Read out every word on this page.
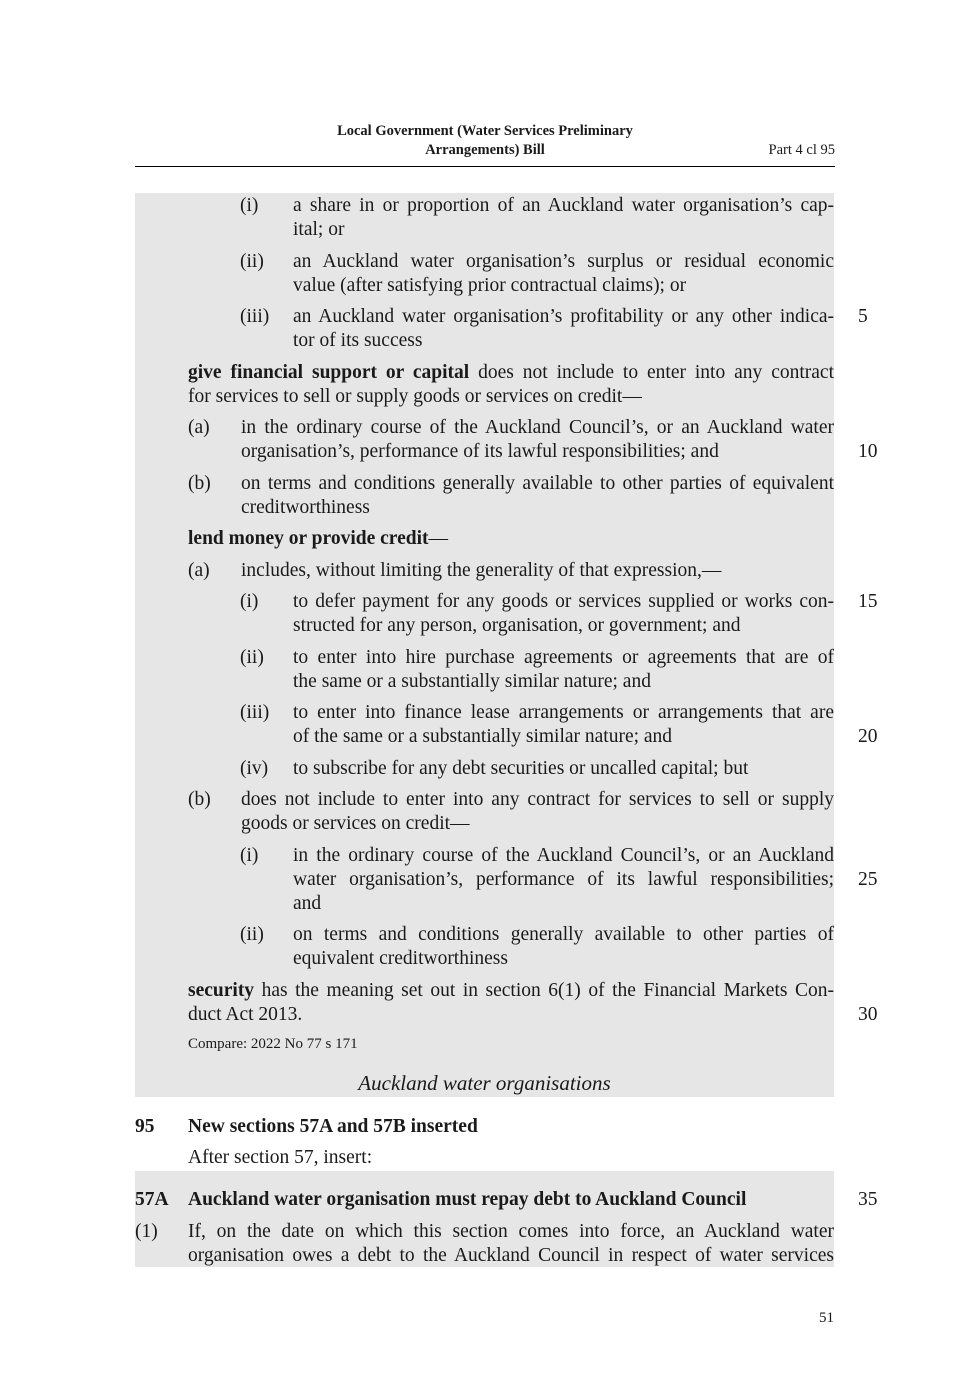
Local Government (Water Services Preliminary
Arrangements) Bill	Part 4 cl 95
(i) a share in or proportion of an Auckland water organisation’s cap-
ital; or
(ii) an Auckland water organisation’s surplus or residual economic
value (after satisfying prior contractual claims); or
(iii) an Auckland water organisation’s profitability or any other indica-
tor of its success
give financial support or capital does not include to enter into any contract
for services to sell or supply goods or services on credit—
(a) in the ordinary course of the Auckland Council’s, or an Auckland water
organisation’s, performance of its lawful responsibilities; and
(b) on terms and conditions generally available to other parties of equivalent
creditworthiness
lend money or provide credit—
(a) includes, without limiting the generality of that expression,—
(i) to defer payment for any goods or services supplied or works con-
structed for any person, organisation, or government; and
(ii) to enter into hire purchase agreements or agreements that are of
the same or a substantially similar nature; and
(iii) to enter into finance lease arrangements or arrangements that are
of the same or a substantially similar nature; and
(iv) to subscribe for any debt securities or uncalled capital; but
(b) does not include to enter into any contract for services to sell or supply
goods or services on credit—
(i) in the ordinary course of the Auckland Council’s, or an Auckland
water organisation’s, performance of its lawful responsibilities;
and
(ii) on terms and conditions generally available to other parties of
equivalent creditworthiness
security has the meaning set out in section 6(1) of the Financial Markets Con-
duct Act 2013.
Compare: 2022 No 77 s 171
Auckland water organisations
95 New sections 57A and 57B inserted
After section 57, insert:
57A Auckland water organisation must repay debt to Auckland Council
(1) If, on the date on which this section comes into force, an Auckland water
organisation owes a debt to the Auckland Council in respect of water services
5
10
15
20
25
30
35
51
